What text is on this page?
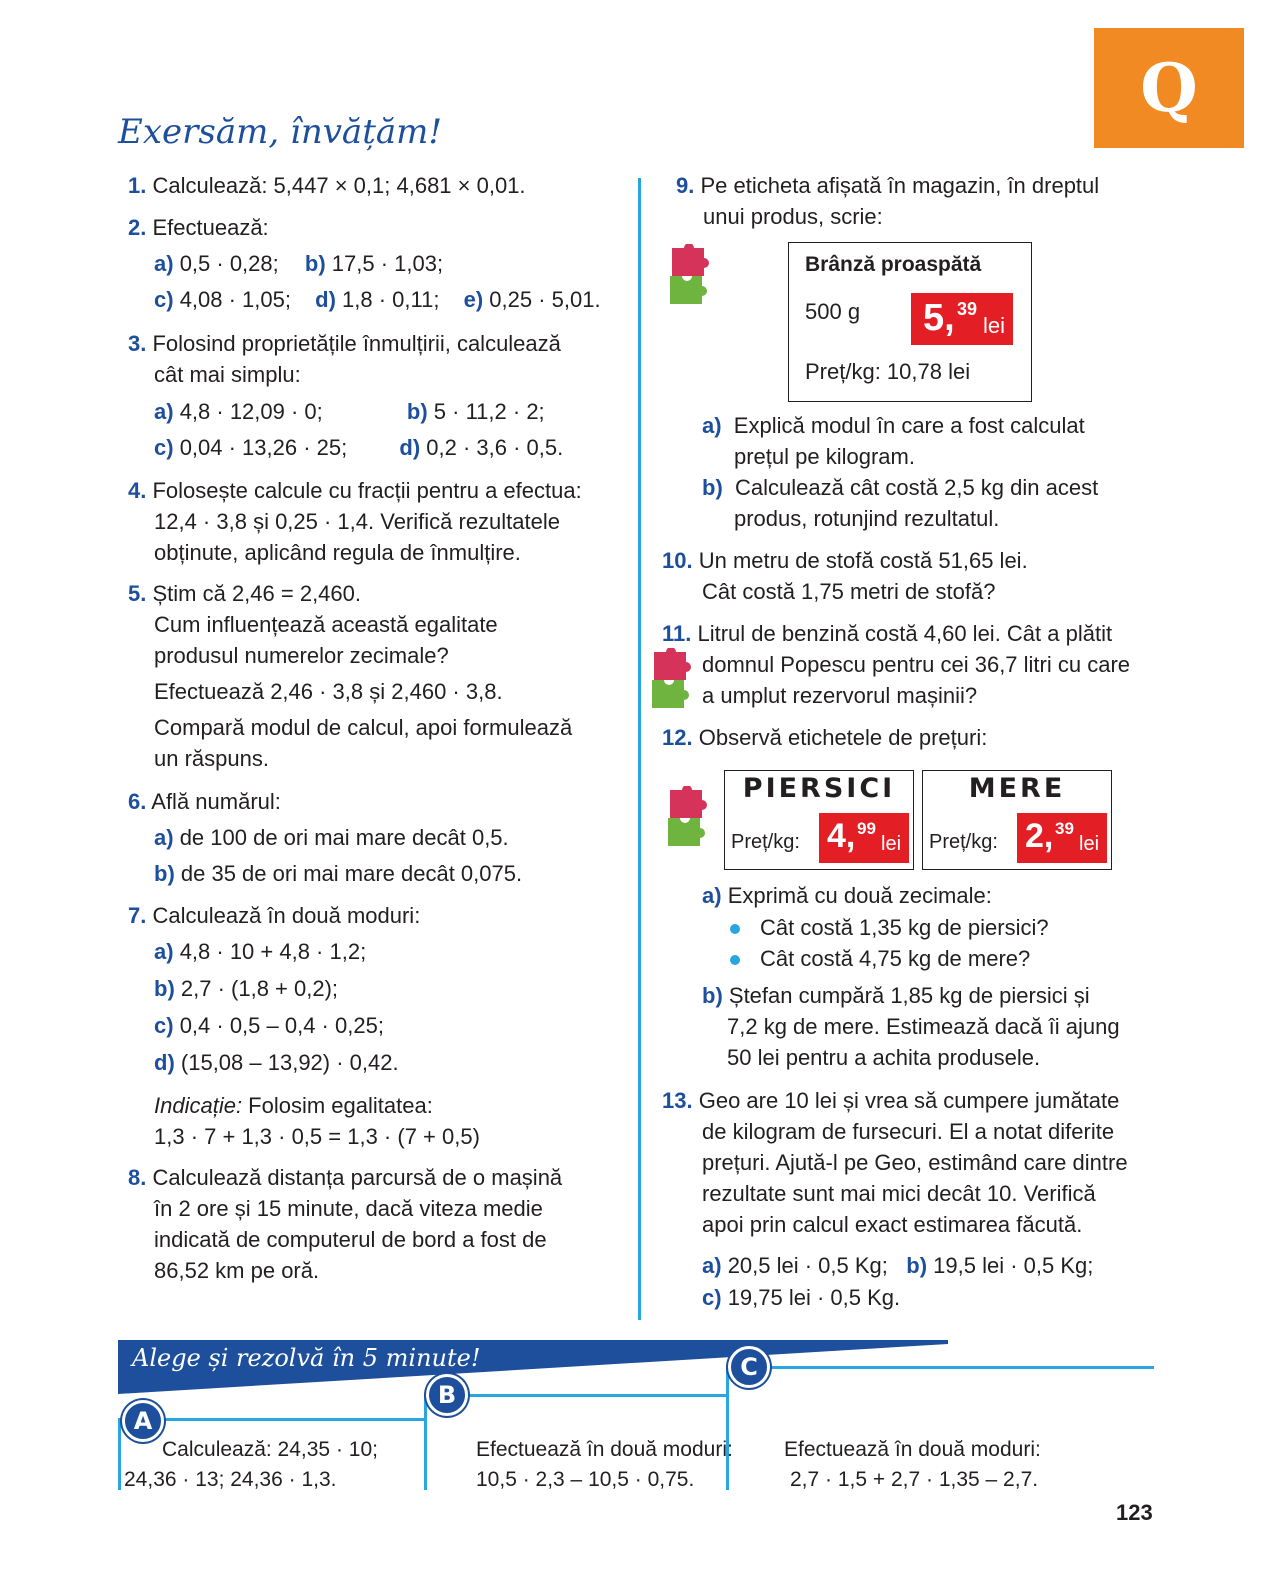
Q
Exersăm, învățăm!
1. Calculează: 5,447 × 0,1; 4,681 × 0,01.
2. Efectuează:
a) 0,5 · 0,28; b) 17,5 · 1,03;
c) 4,08 · 1,05; d) 1,8 · 0,11; e) 0,25 · 5,01.
3. Folosind proprietățile înmulțirii, calculează
cât mai simplu:
a) 4,8 · 12,09 · 0;	b) 5 · 11,2 · 2;
c) 0,04 · 13,26 · 25; d) 0,2 · 3,6 · 0,5.
4. Folosește calcule cu fracții pentru a efectua:
12,4 · 3,8 și 0,25 · 1,4. Verifică rezultatele
obținute, aplicând regula de înmulțire.
5. Știm că 2,46 = 2,460.
Cum influențează această egalitate
produsul numerelor zecimale?
Efectuează 2,46 · 3,8 și 2,460 · 3,8.
Compară modul de calcul, apoi formulează
un răspuns.
6. Află numărul:
a) de 100 de ori mai mare decât 0,5.
b) de 35 de ori mai mare decât 0,075.
7. Calculează în două moduri:
a) 4,8 · 10 + 4,8 · 1,2;
b) 2,7 · (1,8 + 0,2);
c) 0,4 · 0,5 – 0,4 · 0,25;
d) (15,08 – 13,92) · 0,42.
Indicație: Folosim egalitatea:
1,3 · 7 + 1,3 · 0,5 = 1,3 · (7 + 0,5)
8. Calculează distanța parcursă de o mașină
în 2 ore și 15 minute, dacă viteza medie
indicată de computerul de bord a fost de
86,52 km pe oră.
9. Pe eticheta afișată în magazin, în dreptul
unui produs, scrie:
Brânză proaspătă
500 g 5, 39
lei
Preț/kg: 10,78 lei
a) Explică modul în care a fost calculat
prețul pe kilogram.
b) Calculează cât costă 2,5 kg din acest
produs, rotunjind rezultatul.
10. Un metru de stofă costă 51,65 lei.
Cât costă 1,75 metri de stofă?
11. Litrul de benzină costă 4,60 lei. Cât a plătit
domnul Popescu pentru cei 36,7 litri cu care
a umplut rezervorul mașinii?
12. Observă etichetele de prețuri:
PIERSICI
Preț/kg: 4, 99
lei
MERE
Preț/kg: 2, 39
lei
a) Exprimă cu două zecimale:
Cât costă 1,35 kg de piersici?
Cât costă 4,75 kg de mere?
b) Ștefan cumpără 1,85 kg de piersici și
7,2 kg de mere. Estimează dacă îi ajung
50 lei pentru a achita produsele.
13. Geo are 10 lei și vrea să cumpere jumătate
de kilogram de fursecuri. El a notat diferite
prețuri. Ajută-l pe Geo, estimând care dintre
rezultate sunt mai mici decât 10. Verifică
apoi prin calcul exact estimarea făcută.
a) 20,5 lei · 0,5 Kg; b) 19,5 lei · 0,5 Kg;
c) 19,75 lei · 0,5 Kg.
Alege și rezolvă în 5 minute!
A
B
C
Calculează: 24,35 · 10;
24,36 · 13; 24,36 · 1,3.
Efectuează în două moduri:
10,5 · 2,3 – 10,5 · 0,75.
Efectuează în două moduri:
2,7 · 1,5 + 2,7 · 1,35 – 2,7.
123
